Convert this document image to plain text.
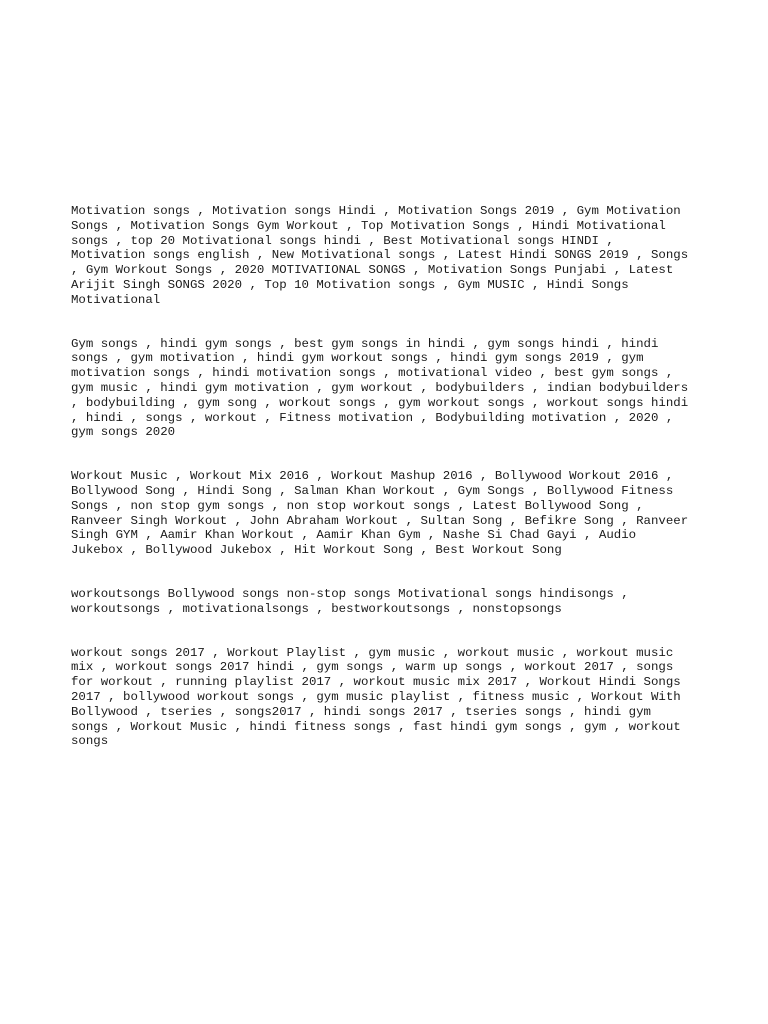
Motivation songs , Motivation songs Hindi , Motivation Songs 2019 , Gym Motivation
Songs , Motivation Songs Gym Workout , Top Motivation Songs , Hindi Motivational
songs , top 20 Motivational songs hindi , Best Motivational songs HINDI ,
Motivation songs english , New Motivational songs , Latest Hindi SONGS 2019 , Songs
, Gym Workout Songs , 2020 MOTIVATIONAL SONGS , Motivation Songs Punjabi , Latest
Arijit Singh SONGS 2020 , Top 10 Motivation songs , Gym MUSIC , Hindi Songs
Motivational

Gym songs , hindi gym songs , best gym songs in hindi , gym songs hindi , hindi
songs , gym motivation , hindi gym workout songs , hindi gym songs 2019 , gym
motivation songs , hindi motivation songs , motivational video , best gym songs ,
gym music , hindi gym motivation , gym workout , bodybuilders , indian bodybuilders
, bodybuilding , gym song , workout songs , gym workout songs , workout songs hindi
, hindi , songs , workout , Fitness motivation , Bodybuilding motivation , 2020 ,
gym songs 2020

Workout Music , Workout Mix 2016 , Workout Mashup 2016 , Bollywood Workout 2016 ,
Bollywood Song , Hindi Song , Salman Khan Workout , Gym Songs , Bollywood Fitness
Songs , non stop gym songs , non stop workout songs , Latest Bollywood Song ,
Ranveer Singh Workout , John Abraham Workout , Sultan Song , Befikre Song , Ranveer
Singh GYM , Aamir Khan Workout , Aamir Khan Gym , Nashe Si Chad Gayi , Audio
Jukebox , Bollywood Jukebox , Hit Workout Song , Best Workout Song

workoutsongs Bollywood songs non-stop songs Motivational songs hindisongs ,
workoutsongs , motivationalsongs , bestworkoutsongs , nonstopsongs

workout songs 2017 , Workout Playlist , gym music , workout music , workout music
mix , workout songs 2017 hindi , gym songs , warm up songs , workout 2017 , songs
for workout , running playlist 2017 , workout music mix 2017 , Workout Hindi Songs
2017 , bollywood workout songs , gym music playlist , fitness music , Workout With
Bollywood , tseries , songs2017 , hindi songs 2017 , tseries songs , hindi gym
songs , Workout Music , hindi fitness songs , fast hindi gym songs , gym , workout
songs
